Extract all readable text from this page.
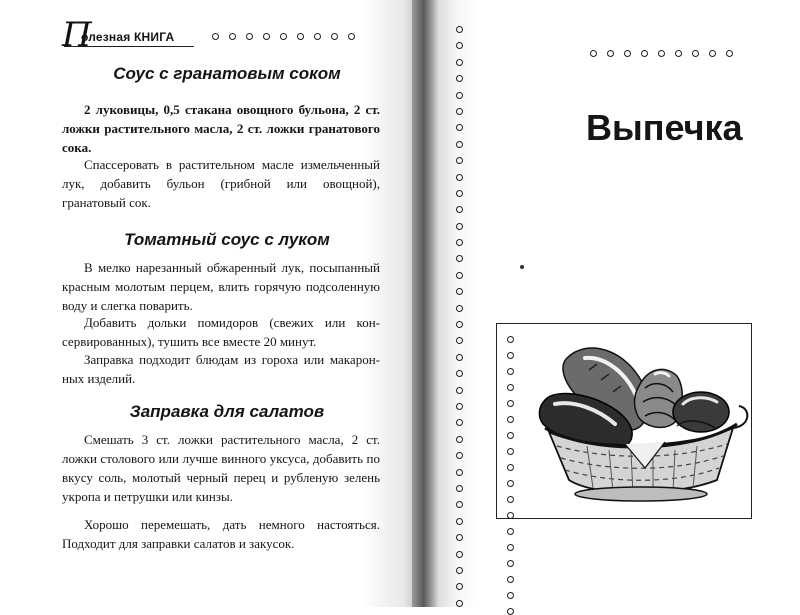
П
олезная КНИГА
Соус с гранатовым соком

2 луковицы, 0,5 стакана овощного бульона, 2 ст. ложки растительного масла, 2 ст. ложки гранатового сока.

Спассеровать в растительном масле измельченный лук, добавить бульон (грибной или овощной), гранатовый сок.

Томатный соус с луком

В мелко нарезанный обжаренный лук, посыпанный красным молотым перцем, влить горячую подсоленную воду и слегка поварить.

Добавить дольки помидоров (свежих или консервированных), тушить все вместе 20 минут.

Заправка подходит блюдам из гороха или макаронных изделий.

Заправка для салатов

Смешать 3 ст. ложки растительного масла, 2 ст. ложки столового или лучше винного уксуса, добавить по вкусу соль, молотый черный перец и рубленую зелень укропа и петрушки или кинзы.

Хорошо перемешать, дать немного настояться. Подходит для заправки салатов и закусок.

Выпечка
